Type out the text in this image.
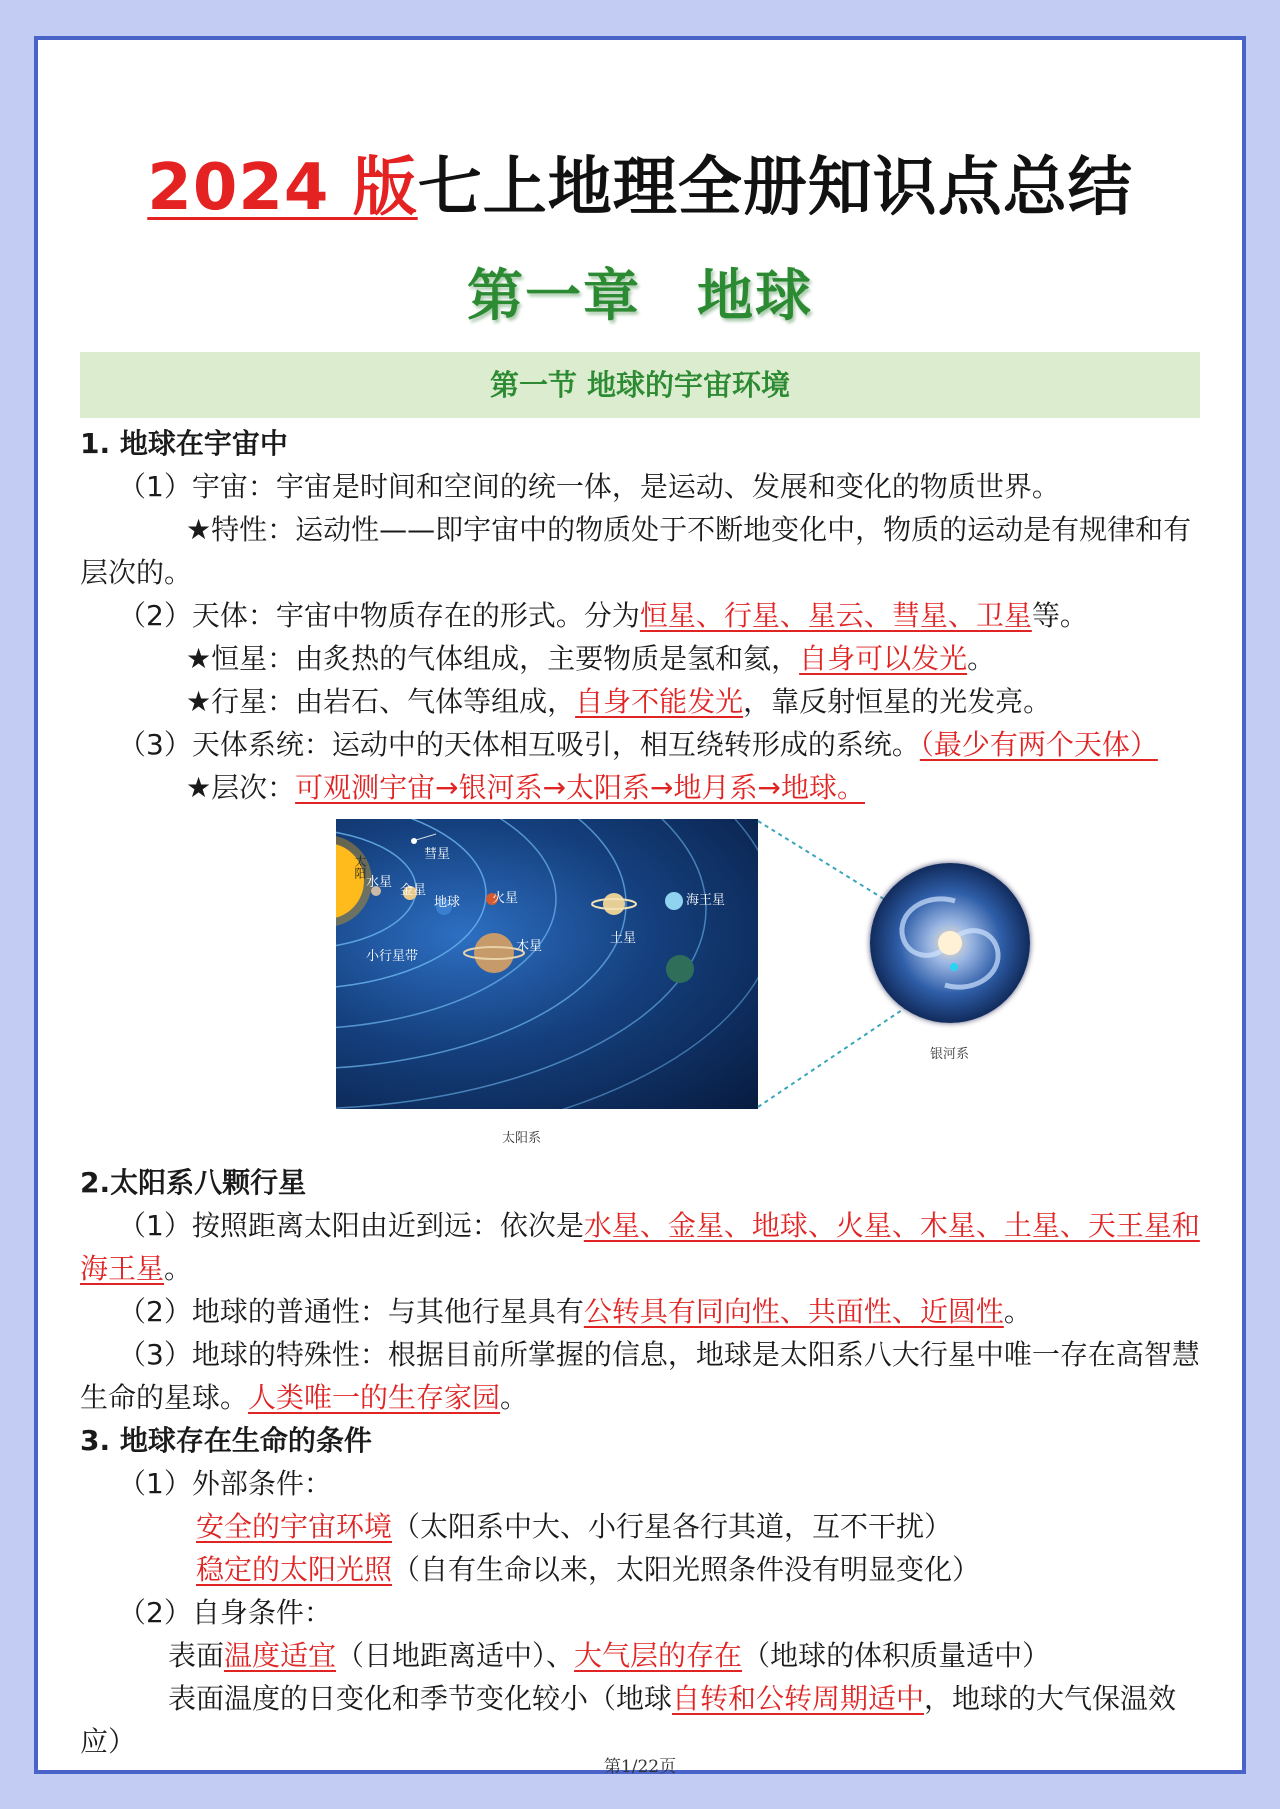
2024 版七上地理全册知识点总结
第一章 地球
第一节 地球的宇宙环境

1. 地球在宇宙中

（1）宇宙：宇宙是时间和空间的统一体，是运动、发展和变化的物质世界。

★特性：运动性——即宇宙中的物质处于不断地变化中，物质的运动是有规律和有层次的。

（2）天体：宇宙中物质存在的形式。分为恒星、行星、星云、彗星、卫星等。

★恒星：由炙热的气体组成，主要物质是氢和氦，自身可以发光。

★行星：由岩石、气体等组成，自身不能发光，靠反射恒星的光发亮。

（3）天体系统：运动中的天体相互吸引，相互绕转形成的系统。（最少有两个天体）

★层次：可观测宇宙→银河系→太阳系→地月系→地球。

太阳
彗星
水星
金星
地球 火星
木星
土星
海王星
小行星带
太阳系
银河系

2.太阳系八颗行星

（1）按照距离太阳由近到远：依次是水星、金星、地球、火星、木星、土星、天王星和海王星。

（2）地球的普通性：与其他行星具有公转具有同向性、共面性、近圆性。

（3）地球的特殊性：根据目前所掌握的信息，地球是太阳系八大行星中唯一存在高智慧生命的星球。人类唯一的生存家园。

3. 地球存在生命的条件

（1）外部条件：

安全的宇宙环境（太阳系中大、小行星各行其道，互不干扰）

稳定的太阳光照（自有生命以来，太阳光照条件没有明显变化）

（2）自身条件：

表面温度适宜（日地距离适中）、大气层的存在（地球的体积质量适中）

表面温度的日变化和季节变化较小（地球自转和公转周期适中，地球的大气保温效应）

第1/22页
